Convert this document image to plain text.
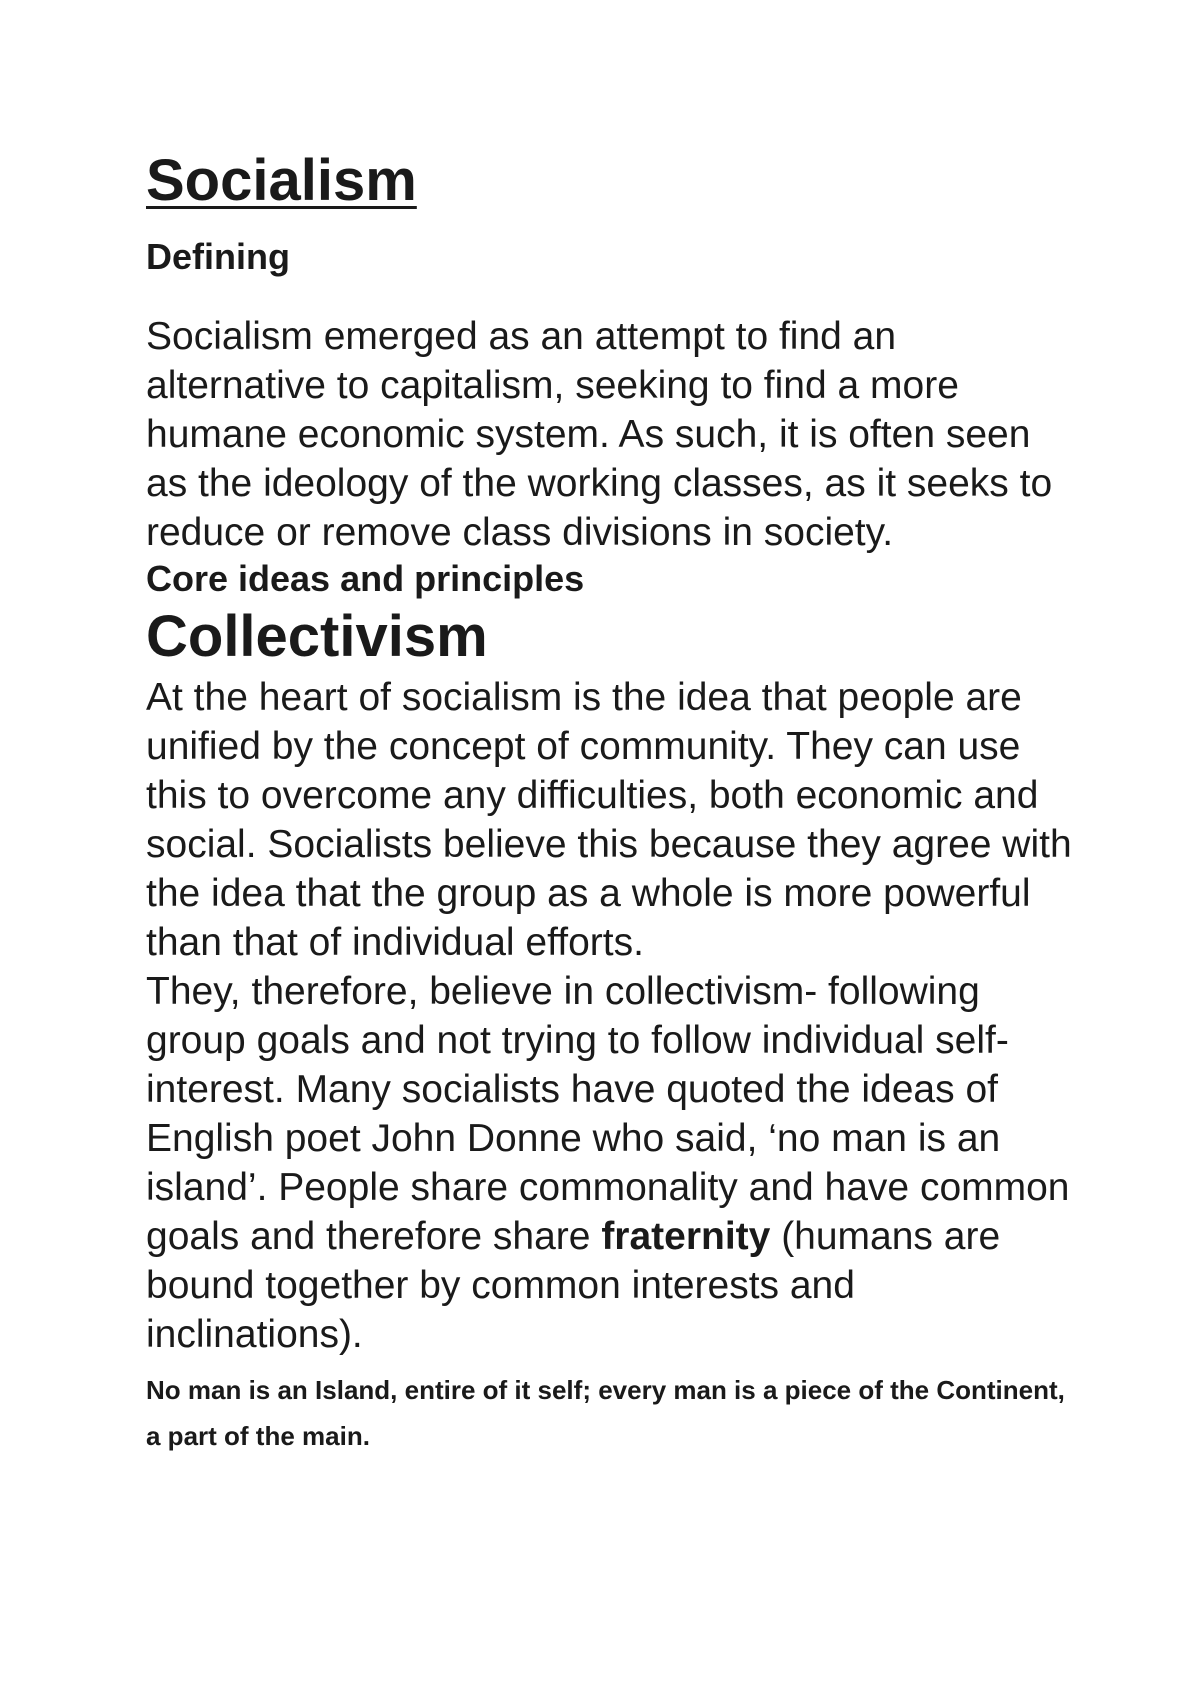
Socialism
Defining

Socialism emerged as an attempt to find an alternative to capitalism, seeking to find a more humane economic system. As such, it is often seen as the ideology of the working classes, as it seeks to reduce or remove class divisions in society.

Core ideas and principles
Collectivism

At the heart of socialism is the idea that people are unified by the concept of community. They can use this to overcome any difficulties, both economic and social. Socialists believe this because they agree with the idea that the group as a whole is more powerful than that of individual efforts.

They, therefore, believe in collectivism- following group goals and not trying to follow individual self-interest. Many socialists have quoted the ideas of English poet John Donne who said, ‘no man is an island’. People share commonality and have common goals and therefore share fraternity (humans are bound together by common interests and inclinations).

No man is an Island, entire of it self; every man is a piece of the Continent, a part of the main.
